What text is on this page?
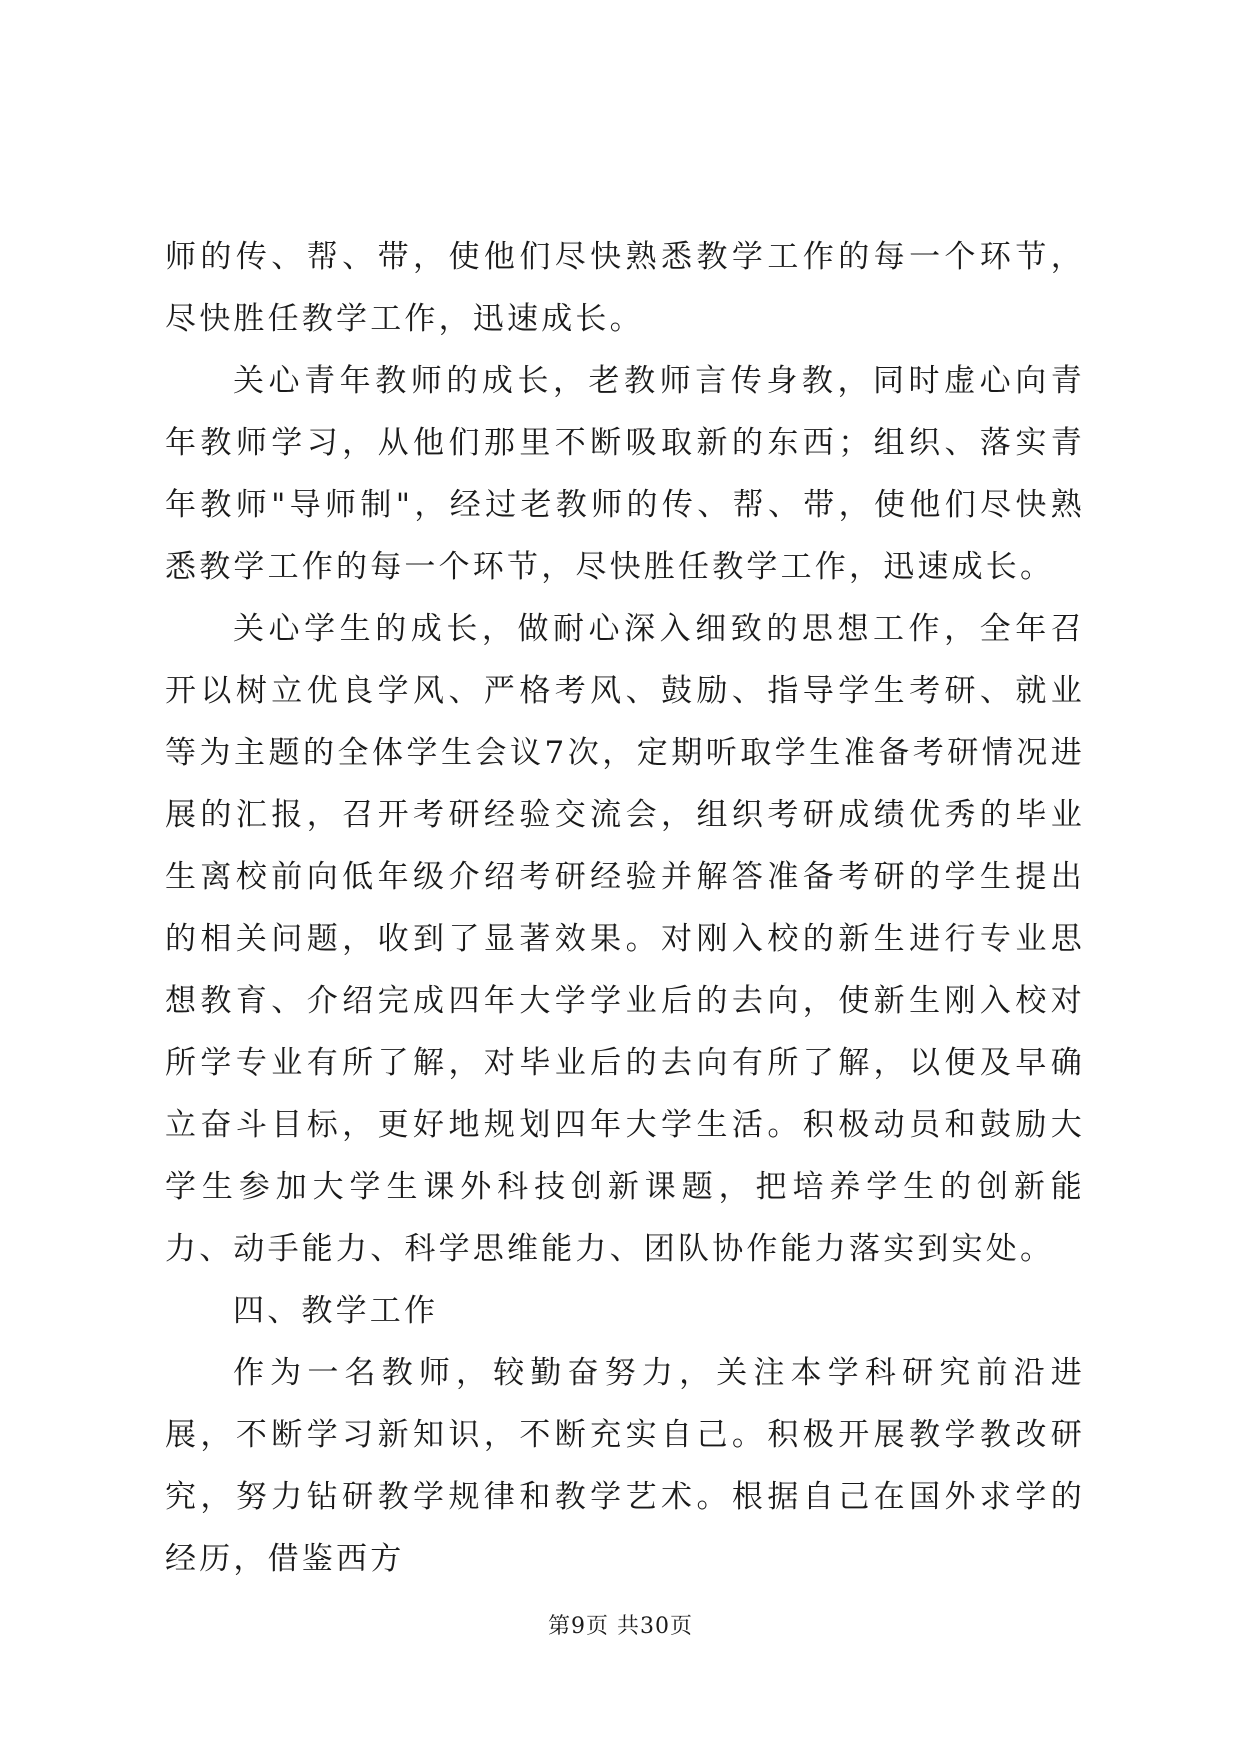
师的传、帮、带，使他们尽快熟悉教学工作的每一个环节，尽快胜任教学工作，迅速成长。

关心青年教师的成长，老教师言传身教，同时虚心向青年教师学习，从他们那里不断吸取新的东西；组织、落实青年教师"导师制"，经过老教师的传、帮、带，使他们尽快熟悉教学工作的每一个环节，尽快胜任教学工作，迅速成长。

关心学生的成长，做耐心深入细致的思想工作，全年召开以树立优良学风、严格考风、鼓励、指导学生考研、就业等为主题的全体学生会议7次，定期听取学生准备考研情况进展的汇报，召开考研经验交流会，组织考研成绩优秀的毕业生离校前向低年级介绍考研经验并解答准备考研的学生提出的相关问题，收到了显著效果。对刚入校的新生进行专业思想教育、介绍完成四年大学学业后的去向，使新生刚入校对所学专业有所了解，对毕业后的去向有所了解，以便及早确立奋斗目标，更好地规划四年大学生活。积极动员和鼓励大学生参加大学生课外科技创新课题，把培养学生的创新能力、动手能力、科学思维能力、团队协作能力落实到实处。

四、教学工作

作为一名教师，较勤奋努力，关注本学科研究前沿进展，不断学习新知识，不断充实自己。积极开展教学教改研究，努力钻研教学规律和教学艺术。根据自己在国外求学的经历，借鉴西方

第9页 共30页
